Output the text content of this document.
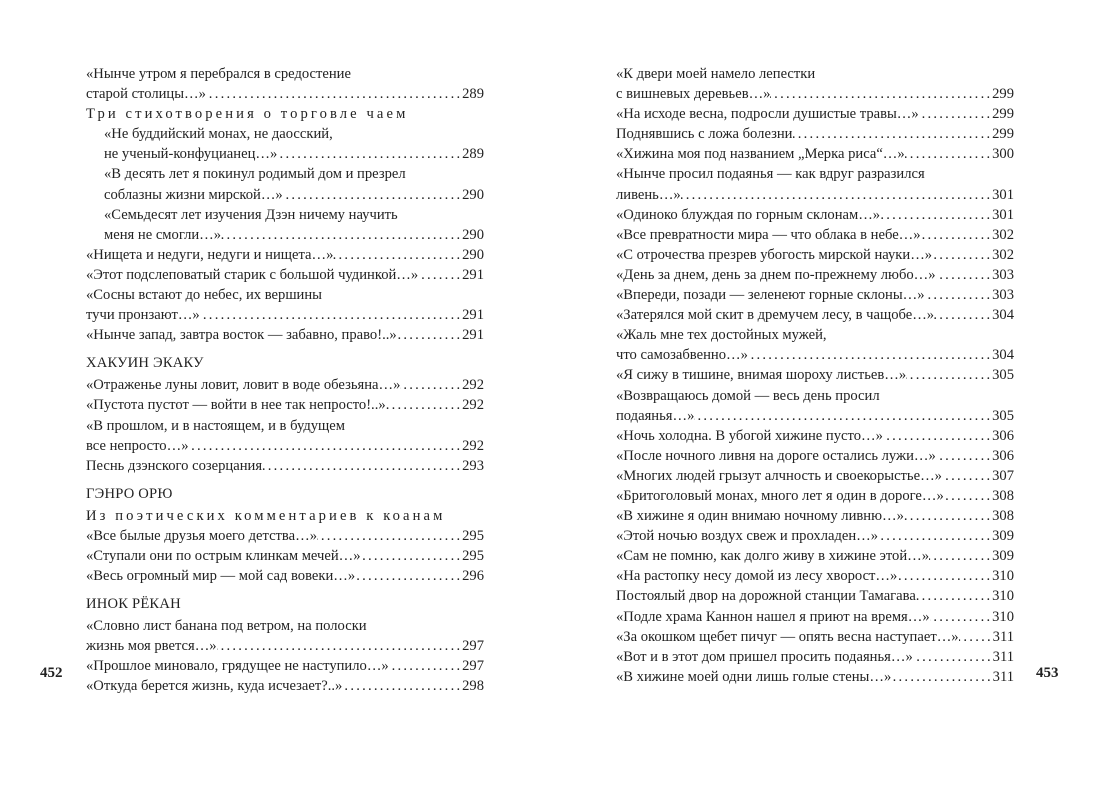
«Нынче утром я перебрался в средостение
старой столицы…» . . .	289
Три стихотворения о торговле чаем
«Не буддийский монах, не даосский,
не ученый-конфуцианец…» . . .	289
«В десять лет я покинул родимый дом и презрел
соблазны жизни мирской…» . . .	290
«Семьдесят лет изучения Дзэн ничему научить
меня не смогли…» . . .	290
«Нищета и недуги, недуги и нищета…» . . .	290
«Этот подслеповатый старик с большой чудинкой…» . . .	291
«Сосны встают до небес, их вершины
тучи пронзают…» . . .	291
«Нынче запад, завтра восток — забавно, право!..» . . .	291
ХАКУИН ЭКАКУ
«Отраженье луны ловит, ловит в воде обезьяна…» . . .	292
«Пустота пустот — войти в нее так непросто!..» . . .	292
«В прошлом, и в настоящем, и в будущем
все непросто…» . . .	292
Песнь дзэнского созерцания . . .	293
ГЭНРО ОРЮ
Из поэтических комментариев к коанам
«Все былые друзья моего детства…» . . .	295
«Ступали они по острым клинкам мечей…» . . .	295
«Весь огромный мир — мой сад вовеки…» . . .	296
ИНОК РЁКАН
«Словно лист банана под ветром, на полоски
жизнь моя рвется…» . . .	297
«Прошлое миновало, грядущее не наступило…» . . .	297
«Откуда берется жизнь, куда исчезает?..» . . .	298
«К двери моей намело лепестки
с вишневых деревьев…» . . .	299
«На исходе весна, подросли душистые травы…» . . .	299
Поднявшись с ложа болезни . . .	299
«Хижина моя под названием „Мерка риса“…» . . .	300
«Нынче просил подаянья — как вдруг разразился
ливень…» . . .	301
«Одиноко блуждая по горным склонам…» . . .	301
«Все превратности мира — что облака в небе…» . . .	302
«С отрочества презрев убогость мирской науки…» . . .	302
«День за днем, день за днем по-прежнему любо…» . . .	303
«Впереди, позади — зеленеют горные склоны…» . . .	303
«Затерялся мой скит в дремучем лесу, в чащобе…» . . .	304
«Жаль мне тех достойных мужей,
что самозабвенно…» . . .	304
«Я сижу в тишине, внимая шороху листьев…» . . .	305
«Возвращаюсь домой — весь день просил
подаянья…» . . .	305
«Ночь холодна. В убогой хижине пусто…» . . .	306
«После ночного ливня на дороге остались лужи…» . . .	306
«Многих людей грызут алчность и своекорыстье…» . . .	307
«Бритоголовый монах, много лет я один в дороге…» . . .	308
«В хижине я один внимаю ночному ливню…» . . .	308
«Этой ночью воздух свеж и прохладен…» . . .	309
«Сам не помню, как долго живу в хижине этой…» . . .	309
«На растопку несу домой из лесу хворост…» . . .	310
Постоялый двор на дорожной станции Тамагава . . .	310
«Подле храма Каннон нашел я приют на время…» . . .	310
«За окошком щебет пичуг — опять весна наступает…» . . . 311
«Вот и в этот дом пришел просить подаянья…» . . .	311
«В хижине моей одни лишь голые стены…» . . .	311
452	453
